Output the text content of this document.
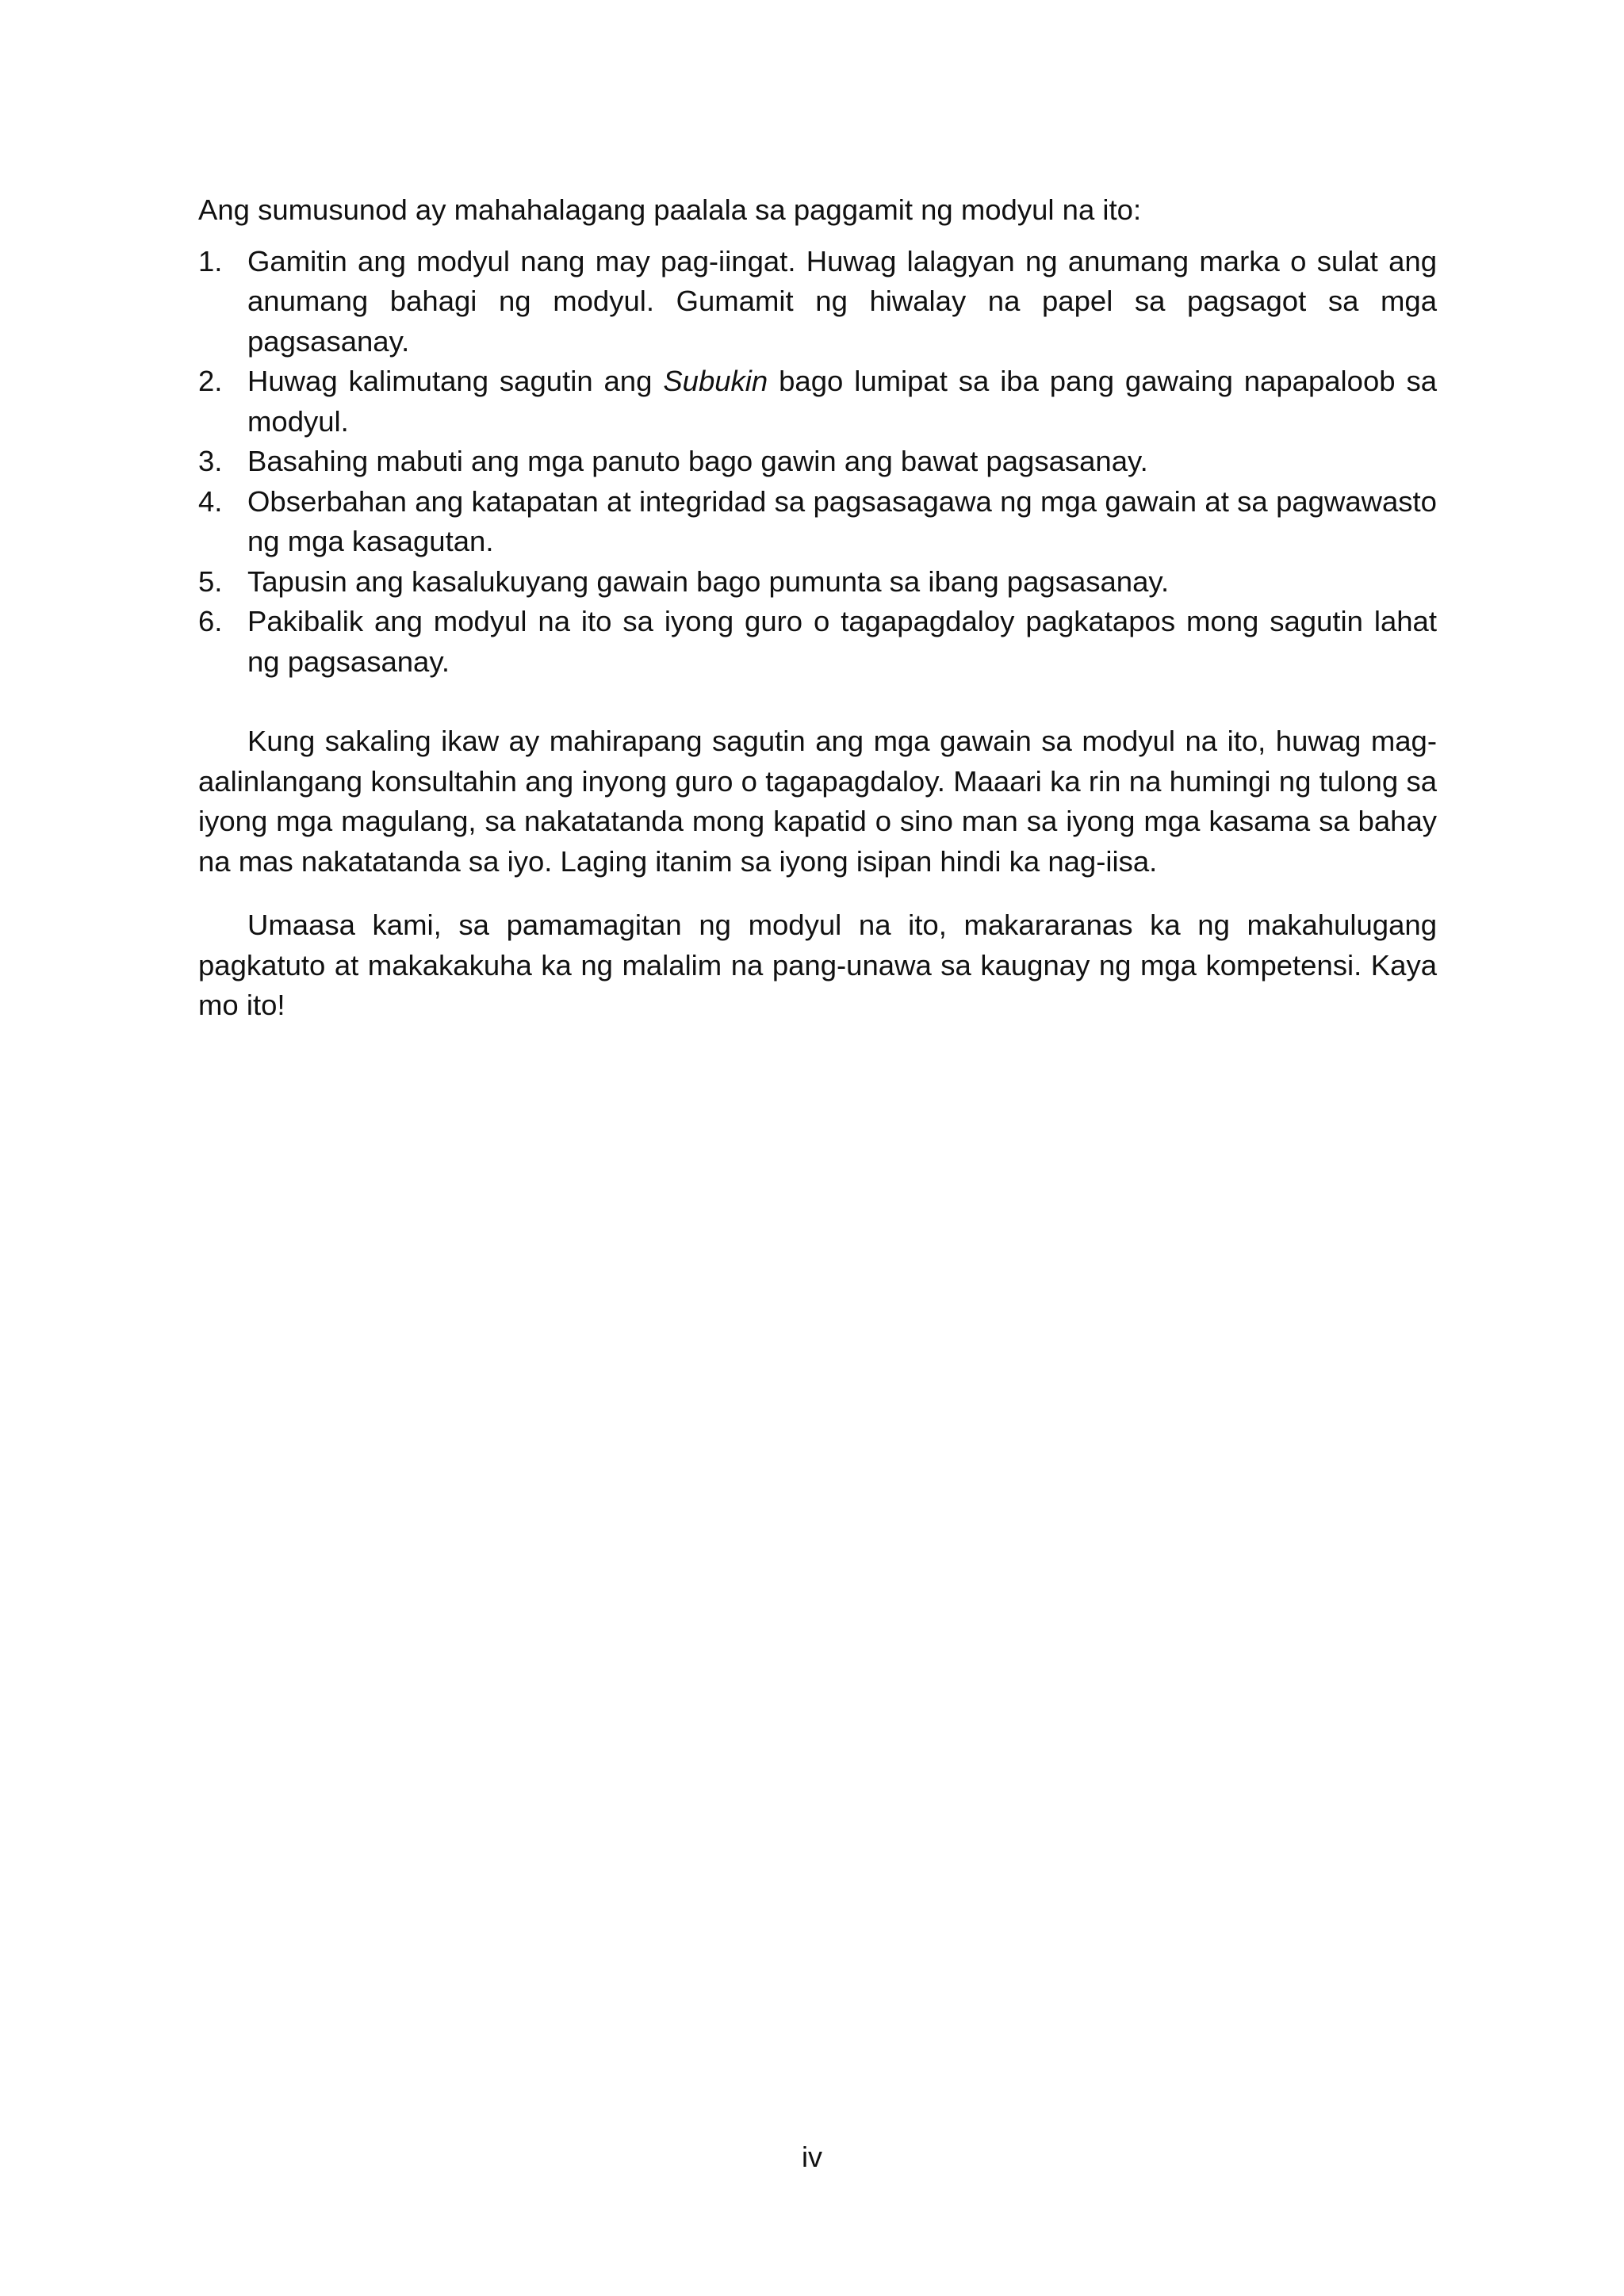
Ang sumusunod ay mahahalagang paalala sa paggamit ng modyul na ito:

1. Gamitin ang modyul nang may pag-iingat. Huwag lalagyan ng anumang marka o sulat ang anumang bahagi ng modyul. Gumamit ng hiwalay na papel sa pagsagot sa mga pagsasanay.
2. Huwag kalimutang sagutin ang Subukin bago lumipat sa iba pang gawaing napapaloob sa modyul.
3. Basahing mabuti ang mga panuto bago gawin ang bawat pagsasanay.
4. Obserbahan ang katapatan at integridad sa pagsasagawa ng mga gawain at sa pagwawasto ng mga kasagutan.
5. Tapusin ang kasalukuyang gawain bago pumunta sa ibang pagsasanay.
6. Pakibalik ang modyul na ito sa iyong guro o tagapagdaloy pagkatapos mong sagutin lahat ng pagsasanay.

Kung sakaling ikaw ay mahirapang sagutin ang mga gawain sa modyul na ito, huwag mag-aalinlangang konsultahin ang inyong guro o tagapagdaloy. Maaari ka rin na humingi ng tulong sa iyong mga magulang, sa nakatatanda mong kapatid o sino man sa iyong mga kasama sa bahay na mas nakatatanda sa iyo. Laging itanim sa iyong isipan hindi ka nag-iisa.

Umaasa kami, sa pamamagitan ng modyul na ito, makararanas ka ng makahulugang pagkatuto at makakakuha ka ng malalim na pang-unawa sa kaugnay ng mga kompetensi. Kaya mo ito!

iv
